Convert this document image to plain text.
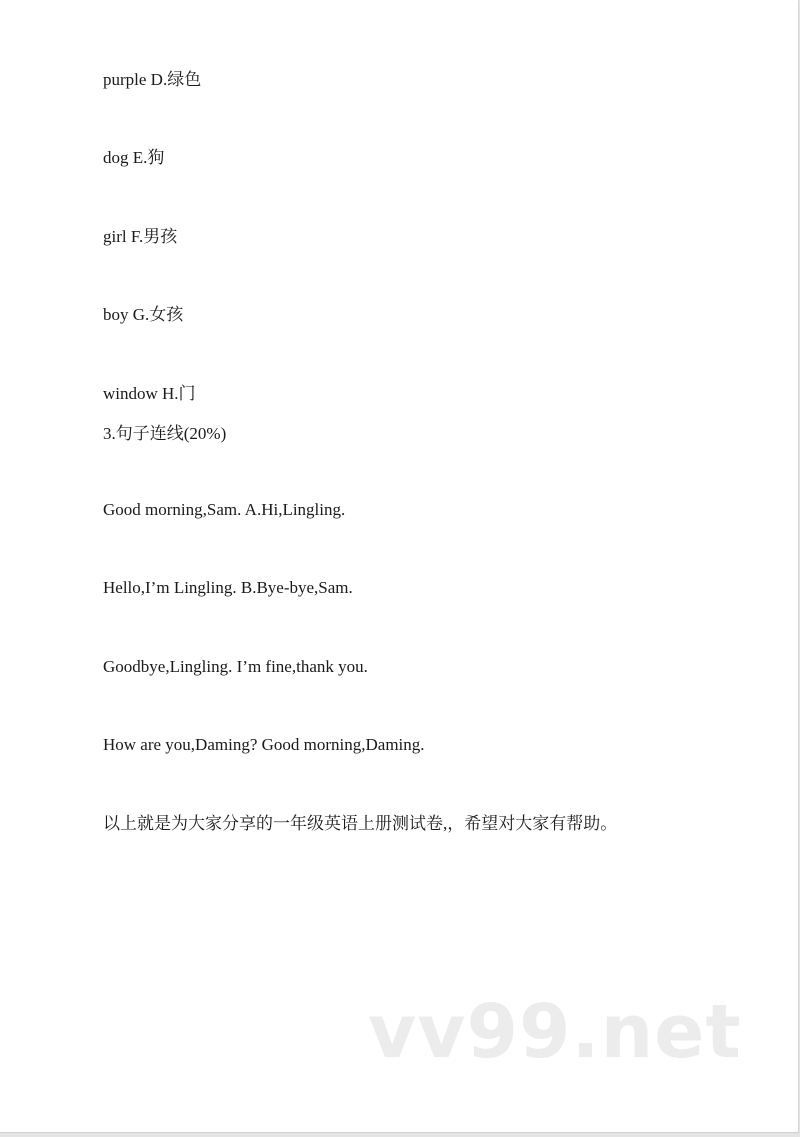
purple D.绿色
dog E.狗
girl F.男孩
boy G.女孩
window H.门
3.句子连线(20%)
Good morning,Sam. A.Hi,Lingling.
Hello,I’m Lingling. B.Bye-bye,Sam.
Goodbye,Lingling. I’m fine,thank you.
How are you,Daming? Good morning,Daming.
以上就是为大家分享的一年级英语上册测试卷,，希望对大家有帮助。
vv99.net
